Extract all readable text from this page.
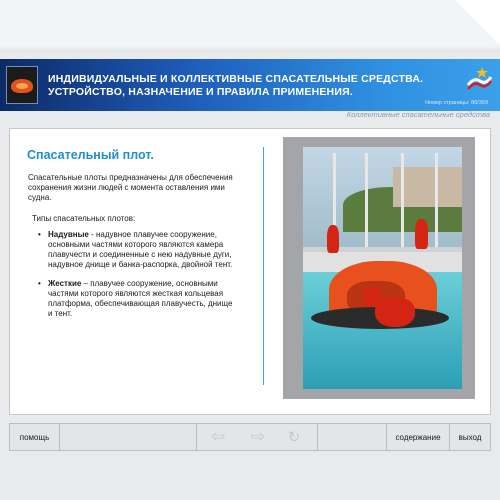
ИНДИВИДУАЛЬНЫЕ И КОЛЛЕКТИВНЫЕ СПАСАТЕЛЬНЫЕ СРЕДСТВА. УСТРОЙСТВО, НАЗНАЧЕНИЕ И ПРАВИЛА ПРИМЕНЕНИЯ.
Номер страницы: 86/369
Коллективные спасательные средства
Спасательный плот.
Спасательные плоты предназначены для обеспечения сохранения жизни людей с момента оставления ими судна.
Типы спасательных плотов:
• Надувные - надувное плавучее сооружение, основными частями которого являются камера плавучести и соединенные с нею надувные дуги, надувное днище и банка-распорка, двойной тент.
• Жесткие – плавучее сооружение, основными частями которого являются жесткая кольцевая платформа, обеспечивающая плавучесть, днище и тент.
помощь	⇦ ⇨	↻	содержание	выход
